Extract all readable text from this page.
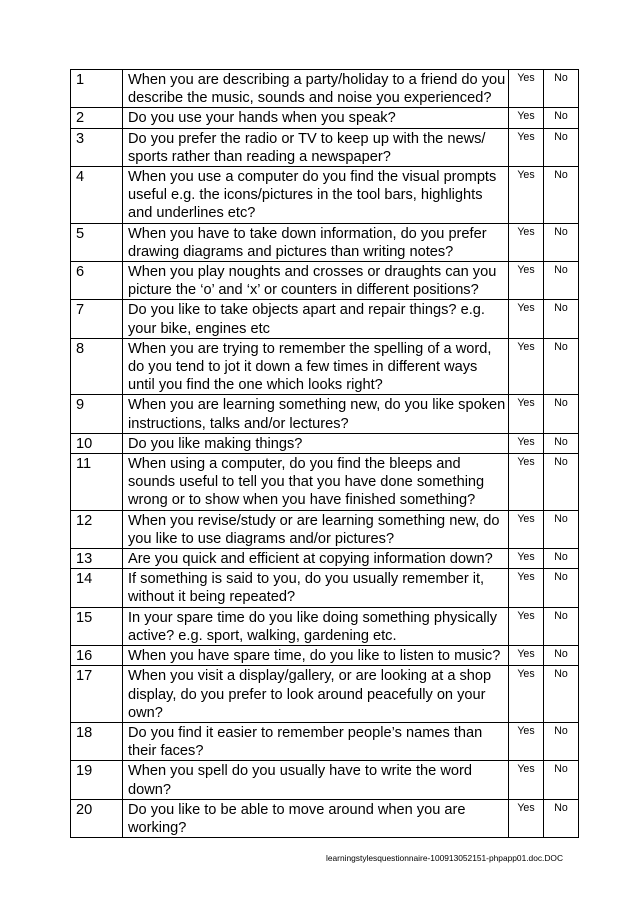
1	When you are describing a party/holiday to a friend do you describe the music, sounds and noise you experienced?	Yes	No
2	Do you use your hands when you speak?	Yes	No
3	Do you prefer the radio or TV to keep up with the news/ sports rather than reading a newspaper?	Yes	No
4	When you use a computer do you find the visual prompts useful e.g. the icons/pictures in the tool bars, highlights and underlines etc?	Yes	No
5	When you have to take down information, do you prefer drawing diagrams and pictures than writing notes?	Yes	No
6	When you play noughts and crosses or draughts can you picture the ‘o’ and ‘x’ or counters in different positions?	Yes	No
7	Do you like to take objects apart and repair things? e.g. your bike, engines etc	Yes	No
8	When you are trying to remember the spelling of a word, do you tend to jot it down a few times in different ways until you find the one which looks right?	Yes	No
9	When you are learning something new, do you like spoken instructions, talks and/or lectures?	Yes	No
10	Do you like making things?	Yes	No
11	When using a computer, do you find the bleeps and sounds useful to tell you that you have done something wrong or to show when you have finished something?	Yes	No
12	When you revise/study or are learning something new, do you like to use diagrams and/or pictures?	Yes	No
13	Are you quick and efficient at copying information down?	Yes	No
14	If something is said to you, do you usually remember it, without it being repeated?	Yes	No
15	In your spare time do you like doing something physically active? e.g. sport, walking, gardening etc.	Yes	No
16	When you have spare time, do you like to listen to music?	Yes	No
17	When you visit a display/gallery, or are looking at a shop display, do you prefer to look around peacefully on your own?	Yes	No
18	Do you find it easier to remember people’s names than their faces?	Yes	No
19	When you spell do you usually have to write the word down?	Yes	No
20	Do you like to be able to move around when you are working?	Yes	No
learningstylesquestionnaire-100913052151-phpapp01.doc.DOC
